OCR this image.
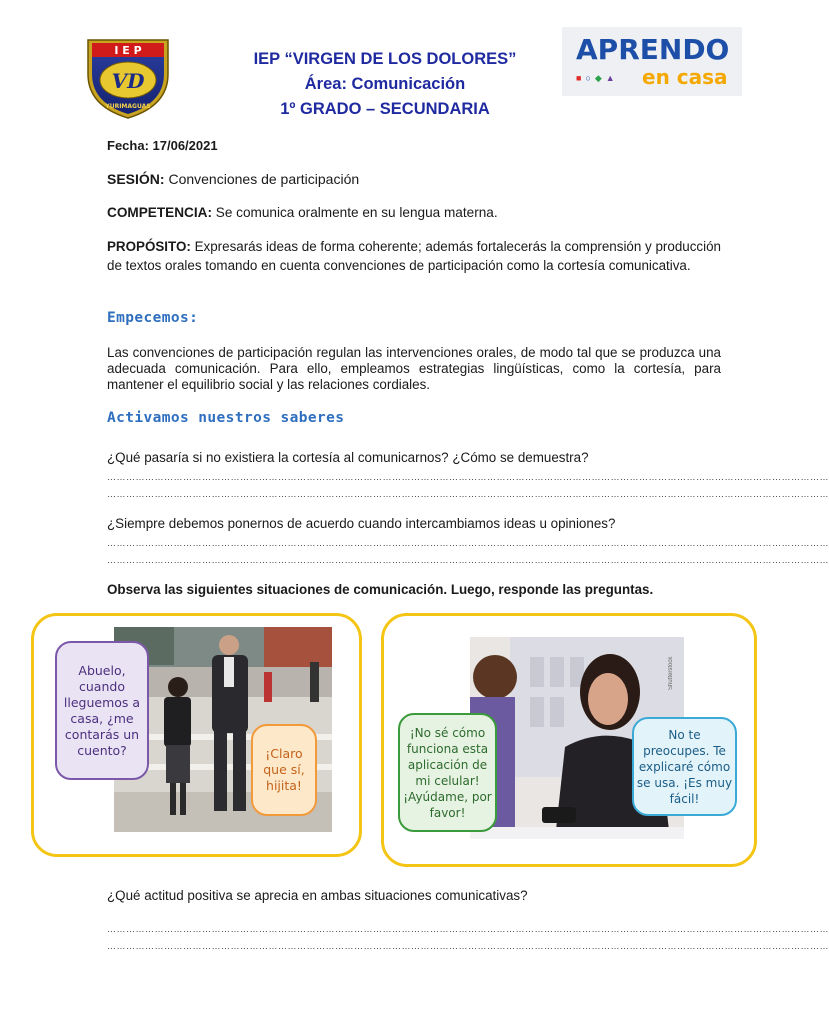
I E P
VD
YURIMAGUAS
IEP “VIRGEN DE LOS DOLORES”
Área: Comunicación
1º GRADO – SECUNDARIA
APRENDO
■○◆▲ en casa
Fecha: 17/06/2021
SESIÓN: Convenciones de participación
COMPETENCIA: Se comunica oralmente en su lengua materna.
PROPÓSITO: Expresarás ideas de forma coherente; además fortalecerás la comprensión y producción de textos orales tomando en cuenta convenciones de participación como la cortesía comunicativa.
Empecemos:
Las convenciones de participación regulan las intervenciones orales, de modo tal que se produzca una adecuada comunicación. Para ello, empleamos estrategias lingüísticas, como la cortesía, para mantener el equilibrio social y las relaciones cordiales.
Activamos nuestros saberes
¿Qué pasaría si no existiera la cortesía al comunicarnos? ¿Cómo se demuestra?
…………………………………………………………………………………………………………………………………………………………………………………………………………
…………………………………………………………………………………………………………………………………………………………………………………………………………
¿Siempre debemos ponernos de acuerdo cuando intercambiamos ideas u opiniones?
…………………………………………………………………………………………………………………………………………………………………………………………………………
…………………………………………………………………………………………………………………………………………………………………………………………………………
Observa las siguientes situaciones de comunicación. Luego, responde las preguntas.
Abuelo, cuando lleguemos a casa, ¿me contarás un cuento?	¡Claro que sí, hijita!
Shutterstock
¡No sé cómo funciona esta aplicación de mi celular! ¡Ayúdame, por favor!
No te preocupes. Te explicaré cómo se usa. ¡Es muy fácil!
¿Qué actitud positiva se aprecia en ambas situaciones comunicativas?
…………………………………………………………………………………………………………………………………………………………………………………………………………
…………………………………………………………………………………………………………………………………………………………………………………………………………
